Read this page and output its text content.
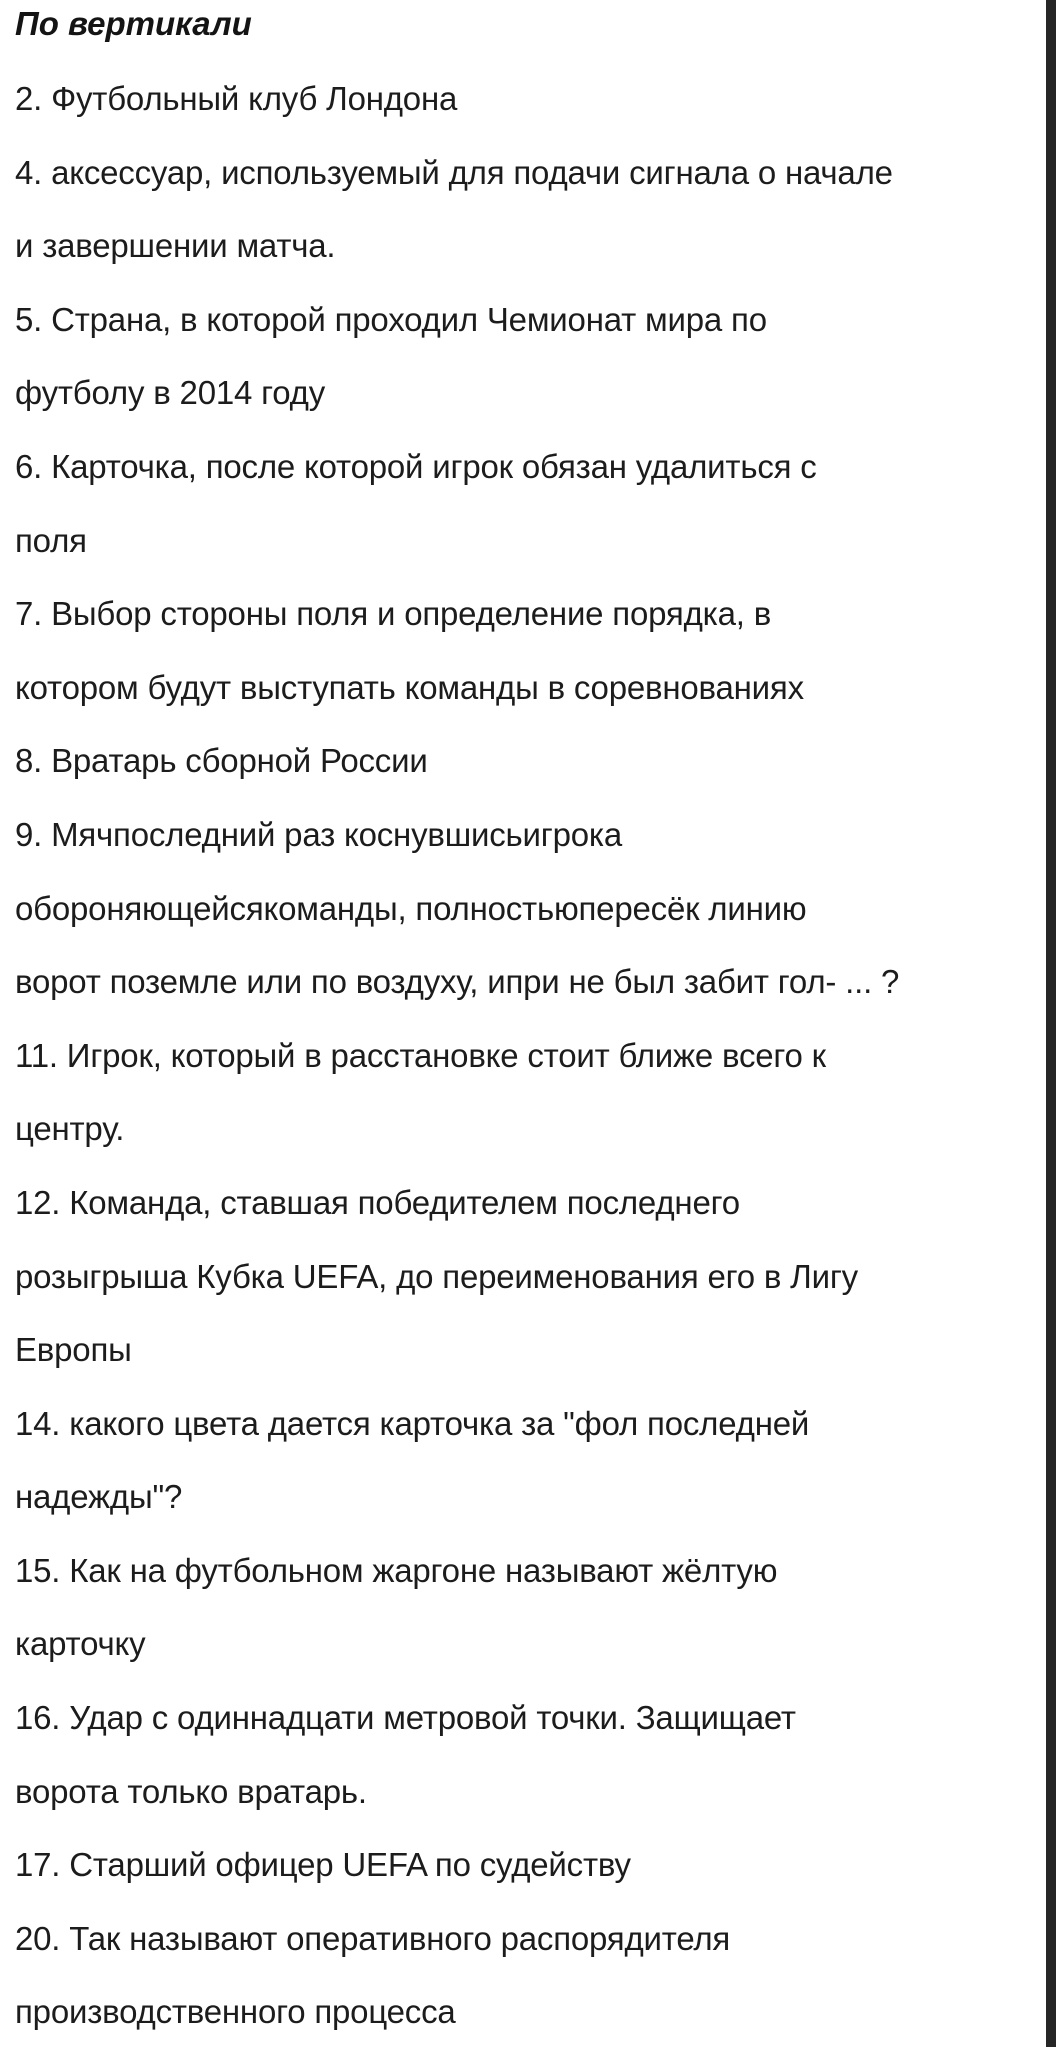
По вертикали
2. Футбольный клуб Лондона
4. аксессуар, используемый для подачи сигнала о начале
и завершении матча.
5. Страна, в которой проходил Чемионат мира по
футболу в 2014 году
6. Карточка, после которой игрок обязан удалиться с
поля
7. Выбор стороны поля и определение порядка, в
котором будут выступать команды в соревнованиях
8. Вратарь сборной России
9. Мячпоследний раз коснувшисьигрока
обороняющейсякоманды, полностьюпересёк линию
ворот поземле или по воздуху, ипри не был забит гол- ... ?
11. Игрок, который в расстановке стоит ближе всего к
центру.
12. Команда, ставшая победителем последнего
розыгрыша Кубка UEFA, до переименования его в Лигу
Европы
14. какого цвета дается карточка за "фол последней
надежды"?
15. Как на футбольном жаргоне называют жёлтую
карточку
16. Удар с одиннадцати метровой точки. Защищает
ворота только вратарь.
17. Старший офицер UEFA по судейству
20. Так называют оперативного распорядителя
производственного процесса
